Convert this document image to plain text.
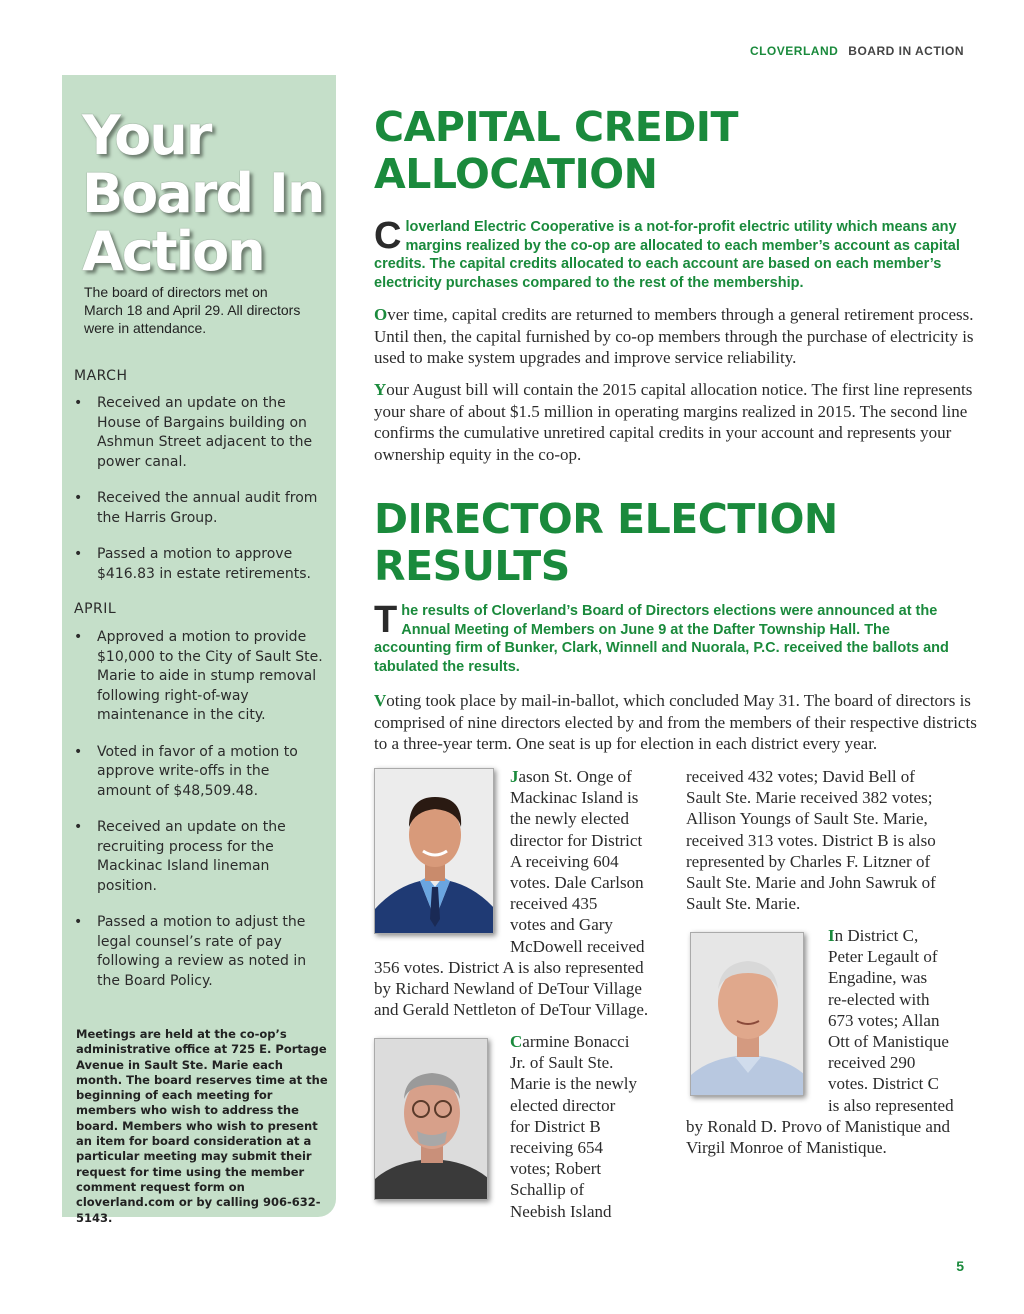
CLOVERLAND BOARD IN ACTION
Your
Board In
Action
The board of directors met on March 18 and April 29. All directors were in attendance.
MARCH
• Received an update on the House of Bargains building on Ashmun Street adjacent to the power canal.
• Received the annual audit from the Harris Group.
• Passed a motion to approve $416.83 in estate retirements.
APRIL
• Approved a motion to provide $10,000 to the City of Sault Ste. Marie to aide in stump removal following right-of-way maintenance in the city.
• Voted in favor of a motion to approve write-offs in the amount of $48,509.48.
• Received an update on the recruiting process for the Mackinac Island lineman position.
• Passed a motion to adjust the legal counsel’s rate of pay following a review as noted in the Board Policy.
Meetings are held at the co-op’s administrative office at 725 E. Portage Avenue in Sault Ste. Marie each month. The board reserves time at the beginning of each meeting for members who wish to address the board. Members who wish to present an item for board consideration at a particular meeting may submit their request for time using the member comment request form on cloverland.com or by calling 906-632-5143.
CAPITAL CREDIT
ALLOCATION
Cloverland Electric Cooperative is a not-for-profit electric utility which means any margins realized by the co-op are allocated to each member’s account as capital credits. The capital credits allocated to each account are based on each member’s electricity purchases compared to the rest of the membership.
Over time, capital credits are returned to members through a general retirement process. Until then, the capital furnished by co-op members through the purchase of electricity is used to make system upgrades and improve service reliability.
Your August bill will contain the 2015 capital allocation notice. The first line represents your share of about $1.5 million in operating margins realized in 2015. The second line confirms the cumulative unretired capital credits in your account and represents your ownership equity in the co-op.
DIRECTOR ELECTION
RESULTS
The results of Cloverland’s Board of Directors elections were announced at the Annual Meeting of Members on June 9 at the Dafter Township Hall. The accounting firm of Bunker, Clark, Winnell and Nuorala, P.C. received the ballots and tabulated the results.
Voting took place by mail-in-ballot, which concluded May 31. The board of directors is comprised of nine directors elected by and from the members of their respective districts to a three-year term. One seat is up for election in each district every year.
Jason St. Onge of
Mackinac Island is
the newly elected
director for District
A receiving 604
votes. Dale Carlson
received 435
votes and Gary
McDowell received
356 votes. District A is also represented by Richard Newland of DeTour Village and Gerald Nettleton of DeTour Village.
Carmine Bonacci
Jr. of Sault Ste.
Marie is the newly
elected director
for District B
receiving 654
votes; Robert
Schallip of
Neebish Island
received 432 votes; David Bell of
Sault Ste. Marie received 382 votes;
Allison Youngs of Sault Ste. Marie,
received 313 votes. District B is also
represented by Charles F. Litzner of
Sault Ste. Marie and John Sawruk of
Sault Ste. Marie.
In District C,
Peter Legault of
Engadine, was
re-elected with
673 votes; Allan
Ott of Manistique
received 290
votes. District C
is also represented
by Ronald D. Provo of Manistique and Virgil Monroe of Manistique.
5
